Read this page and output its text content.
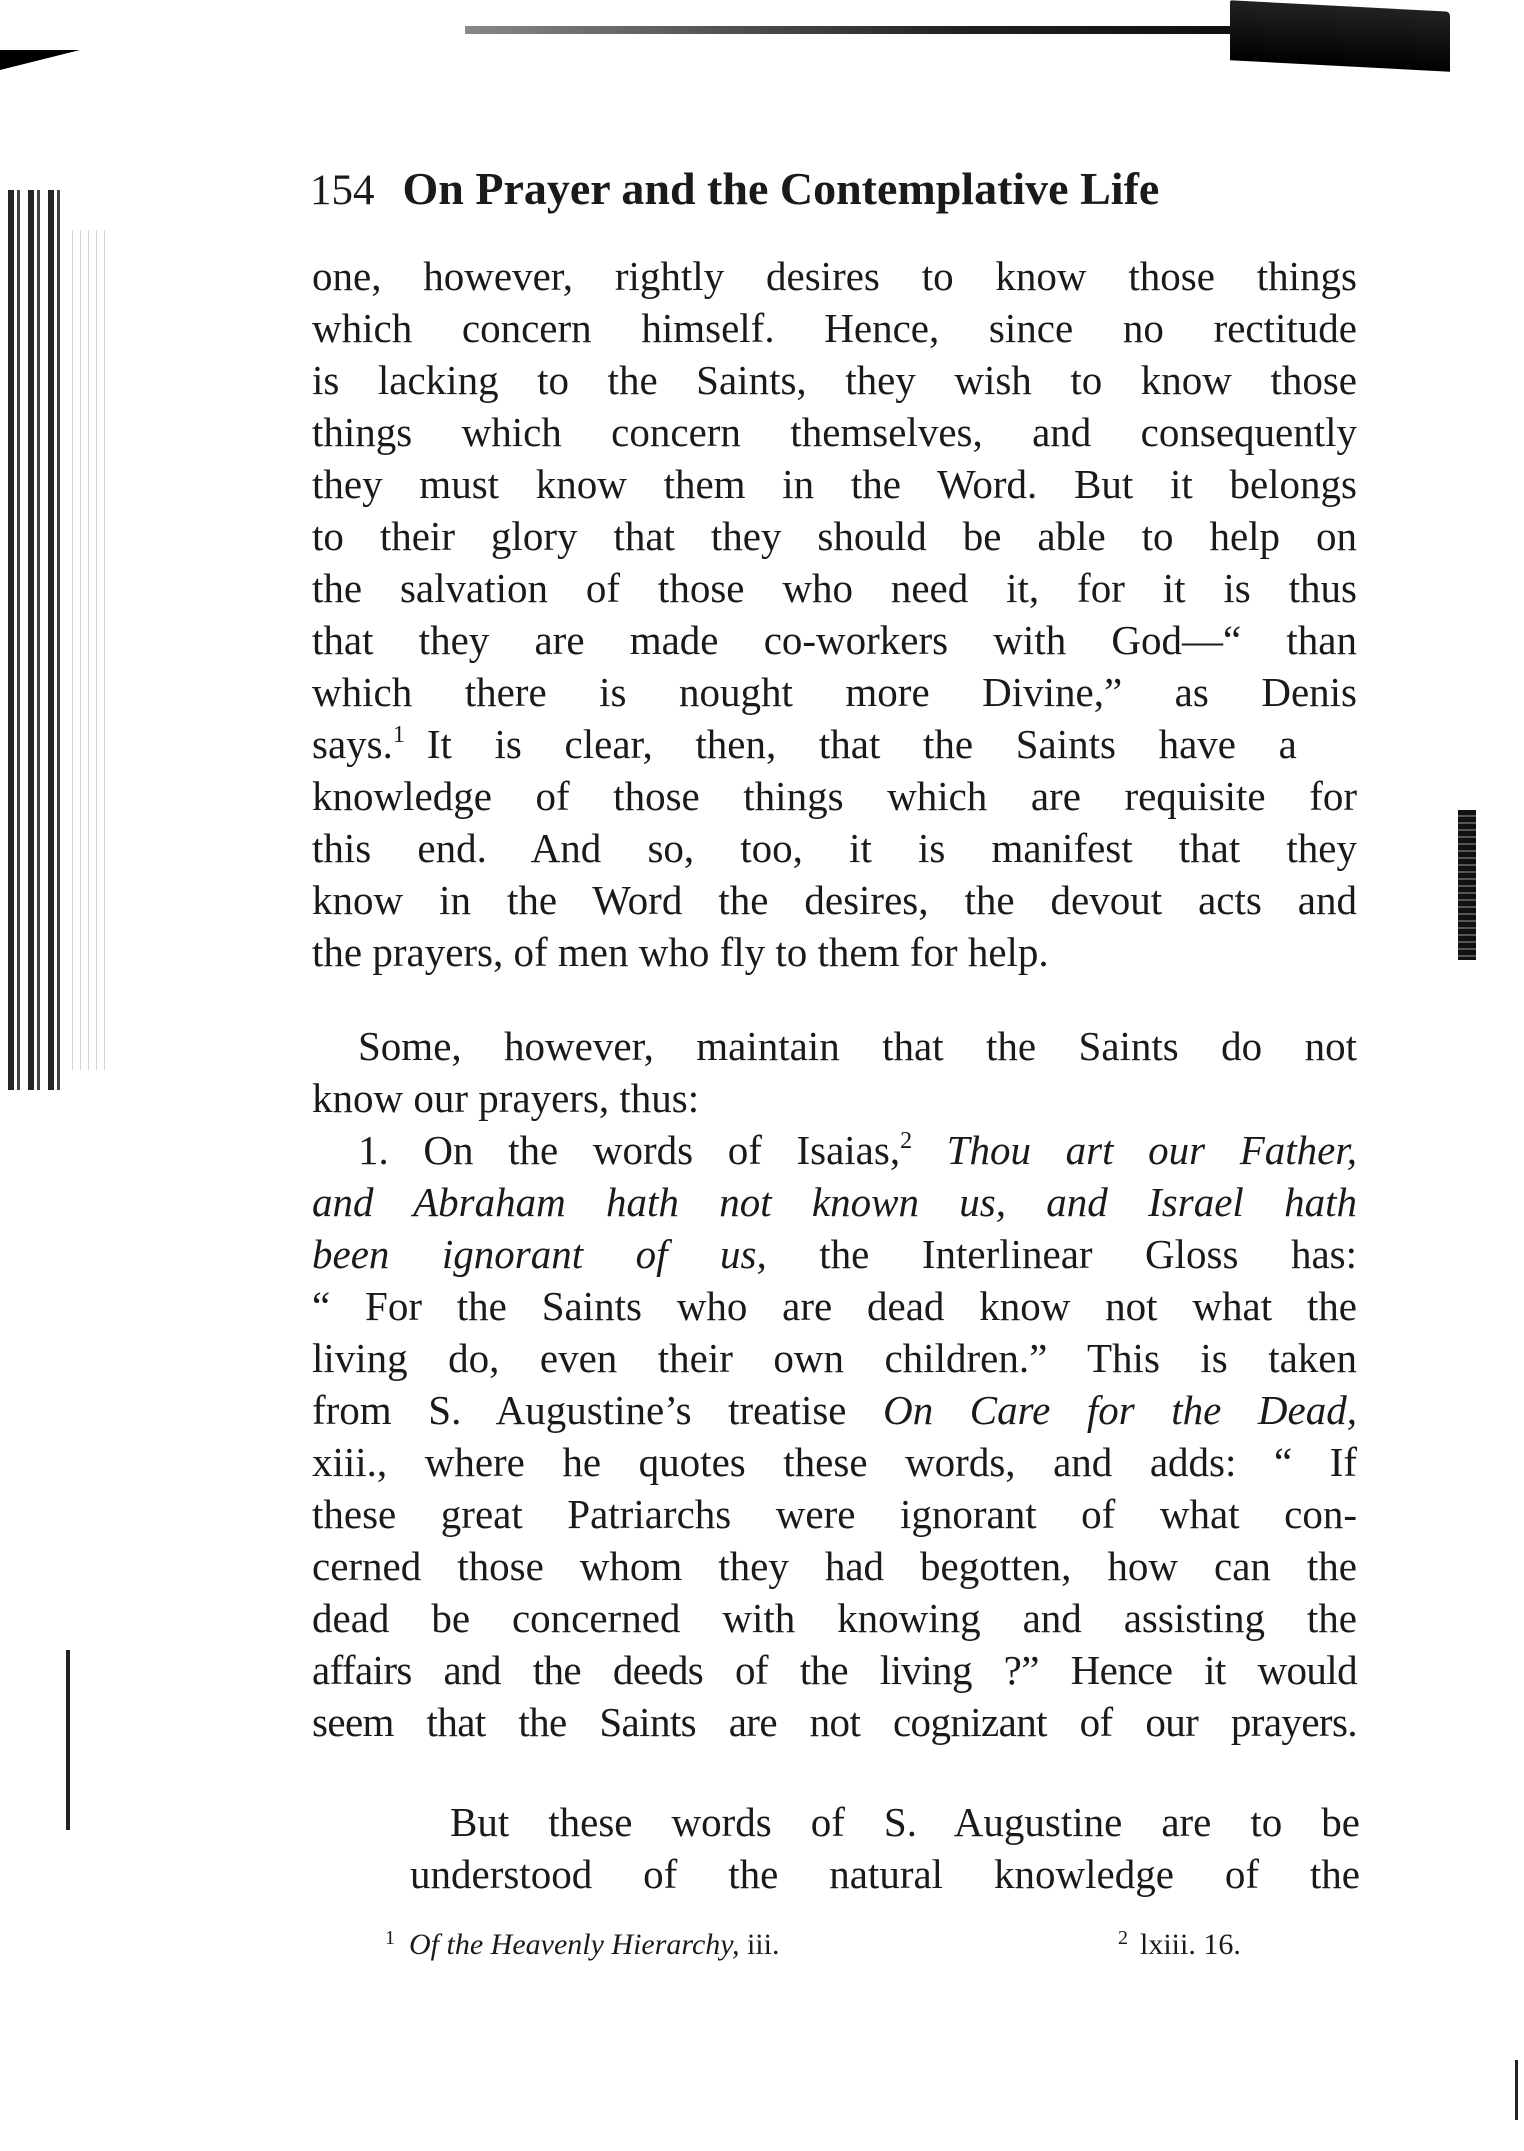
154 On Prayer and the Contemplative Life
one, however, rightly desires to know those things
which concern himself. Hence, since no rectitude
is lacking to the Saints, they wish to know those
things which concern themselves, and consequently
they must know them in the Word. But it belongs
to their glory that they should be able to help on
the salvation of those who need it, for it is thus
that they are made co-workers with God—“ than
which there is nought more Divine,” as Denis
says.$^1$ It is clear, then, that the Saints have a
knowledge of those things which are requisite for
this end. And so, too, it is manifest that they
know in the Word the desires, the devout acts and
the prayers, of men who fly to them for help.
Some, however, maintain that the Saints do not
know our prayers, thus:
1. On the words of Isaias,$^2$ Thou art our Father,
and Abraham hath not known us, and Israel hath
been ignorant of us, the Interlinear Gloss has:
“ For the Saints who are dead know not what the
living do, even their own children.” This is taken
from S. Augustine’s treatise On Care for the Dead,
xiii., where he quotes these words, and adds: “ If
these great Patriarchs were ignorant of what con-
cerned those whom they had begotten, how can the
dead be concerned with knowing and assisting the
affairs and the deeds of the living ?” Hence it would
seem that the Saints are not cognizant of our prayers.
But these words of S. Augustine are to be
understood of the natural knowledge of the
$^1$ Of the Heavenly Hierarchy, iii.	$^2$ lxiii. 16.
